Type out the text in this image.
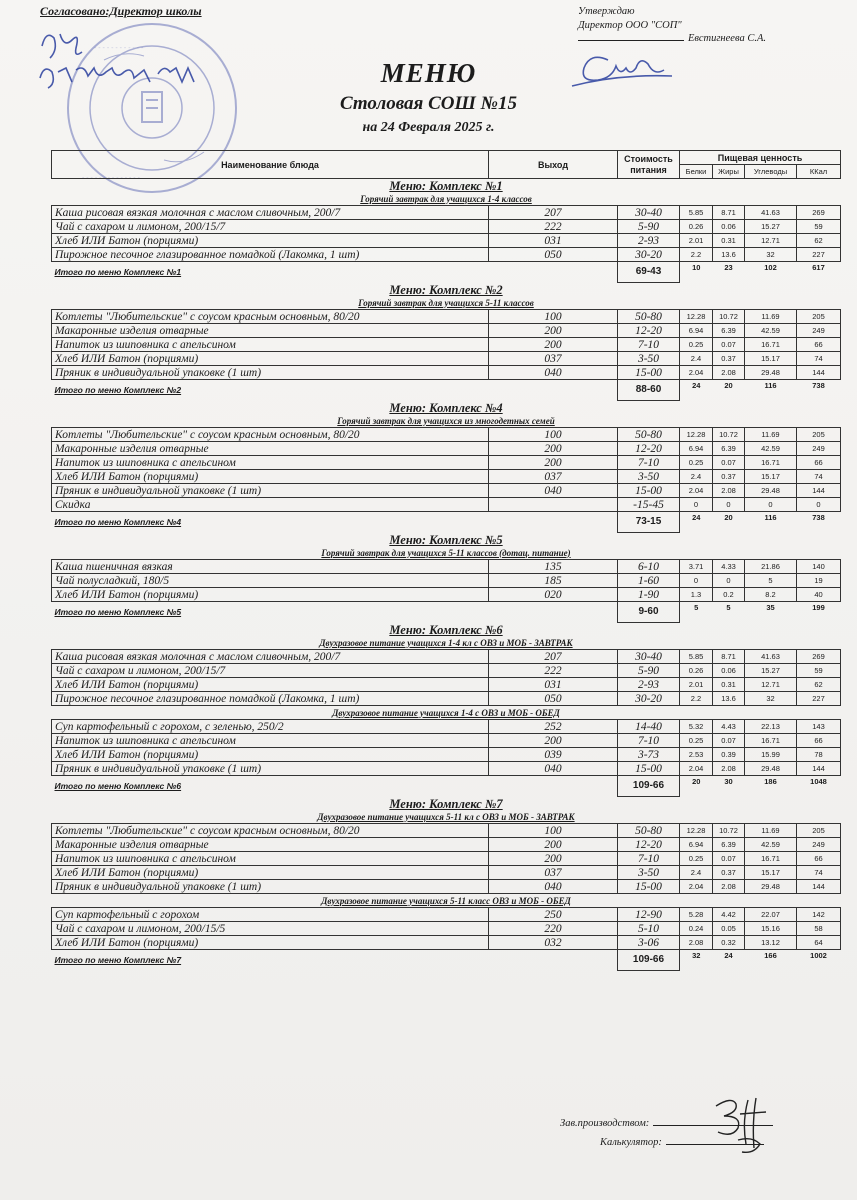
Согласовано:Директор школы	Утверждаю
Директор ООО "СОП"
Евстигнеева С.А.
- - - - - - - - - - - -
- - - - - - - - - - - - - -
МЕНЮ
Столовая СОШ №15
на 24 Февраля 2025 г.
Наименование блюда	Выход	Стоимость питания	Пищевая ценность			
			Белки	Жиры	Углеводы	ККал
Меню: Комплекс №1						
Горячий завтрак для учащихся 1-4 классов						
Каша рисовая вязкая молочная с маслом сливочным, 200/7	207	30-40	5.85	8.71	41.63	269
Чай с сахаром и лимоном, 200/15/7	222	5-90	0.26	0.06	15.27	59
Хлеб ИЛИ Батон (порциями)	031	2-93	2.01	0.31	12.71	62
Пирожное песочное глазированное помадкой (Лакомка, 1 шт)	050	30-20	2.2	13.6	32	227
Итого по меню Комплекс №1		69-43	10	23	102	617
Меню: Комплекс №2						
Горячий завтрак для учащихся 5-11 классов						
Котлеты "Любительские" с соусом красным основным, 80/20	100	50-80	12.28	10.72	11.69	205
Макаронные изделия отварные	200	12-20	6.94	6.39	42.59	249
Напиток из шиповника с апельсином	200	7-10	0.25	0.07	16.71	66
Хлеб ИЛИ Батон (порциями)	037	3-50	2.4	0.37	15.17	74
Пряник в индивидуальной упаковке (1 шт)	040	15-00	2.04	2.08	29.48	144
Итого по меню Комплекс №2		88-60	24	20	116	738
Меню: Комплекс №4						
Горячий завтрак для учащихся из многодетных семей						
Котлеты "Любительские" с соусом красным основным, 80/20	100	50-80	12.28	10.72	11.69	205
Макаронные изделия отварные	200	12-20	6.94	6.39	42.59	249
Напиток из шиповника с апельсином	200	7-10	0.25	0.07	16.71	66
Хлеб ИЛИ Батон (порциями)	037	3-50	2.4	0.37	15.17	74
Пряник в индивидуальной упаковке (1 шт)	040	15-00	2.04	2.08	29.48	144
Скидка		-15-45	0	0	0	0
Итого по меню Комплекс №4		73-15	24	20	116	738
Меню: Комплекс №5						
Горячий завтрак для учащихся 5-11 классов (дотац. питание)						
Каша пшеничная вязкая	135	6-10	3.71	4.33	21.86	140
Чай полусладкий, 180/5	185	1-60	0	0	5	19
Хлеб ИЛИ Батон (порциями)	020	1-90	1.3	0.2	8.2	40
Итого по меню Комплекс №5		9-60	5	5	35	199
Меню: Комплекс №6						
Двухразовое питание учащихся 1-4 кл с ОВЗ и МОБ - ЗАВТРАК						
Каша рисовая вязкая молочная с маслом сливочным, 200/7	207	30-40	5.85	8.71	41.63	269
Чай с сахаром и лимоном, 200/15/7	222	5-90	0.26	0.06	15.27	59
Хлеб ИЛИ Батон (порциями)	031	2-93	2.01	0.31	12.71	62
Пирожное песочное глазированное помадкой (Лакомка, 1 шт)	050	30-20	2.2	13.6	32	227
Двухразовое питание учащихся 1-4 с ОВЗ и МОБ - ОБЕД						
Суп картофельный с горохом, с зеленью, 250/2	252	14-40	5.32	4.43	22.13	143
Напиток из шиповника с апельсином	200	7-10	0.25	0.07	16.71	66
Хлеб ИЛИ Батон (порциями)	039	3-73	2.53	0.39	15.99	78
Пряник в индивидуальной упаковке (1 шт)	040	15-00	2.04	2.08	29.48	144
Итого по меню Комплекс №6		109-66	20	30	186	1048
Меню: Комплекс №7						
Двухразовое питание учащихся 5-11 кл с ОВЗ и МОБ - ЗАВТРАК						
Котлеты "Любительские" с соусом красным основным, 80/20	100	50-80	12.28	10.72	11.69	205
Макаронные изделия отварные	200	12-20	6.94	6.39	42.59	249
Напиток из шиповника с апельсином	200	7-10	0.25	0.07	16.71	66
Хлеб ИЛИ Батон (порциями)	037	3-50	2.4	0.37	15.17	74
Пряник в индивидуальной упаковке (1 шт)	040	15-00	2.04	2.08	29.48	144
Двухразовое питание учащихся 5-11 класс ОВЗ и МОБ - ОБЕД						
Суп картофельный с горохом	250	12-90	5.28	4.42	22.07	142
Чай с сахаром и лимоном, 200/15/5	220	5-10	0.24	0.05	15.16	58
Хлеб ИЛИ Батон (порциями)	032	3-06	2.08	0.32	13.12	64
Итого по меню Комплекс №7		109-66	32	24	166	1002
Зав.производством:
Калькулятор:
